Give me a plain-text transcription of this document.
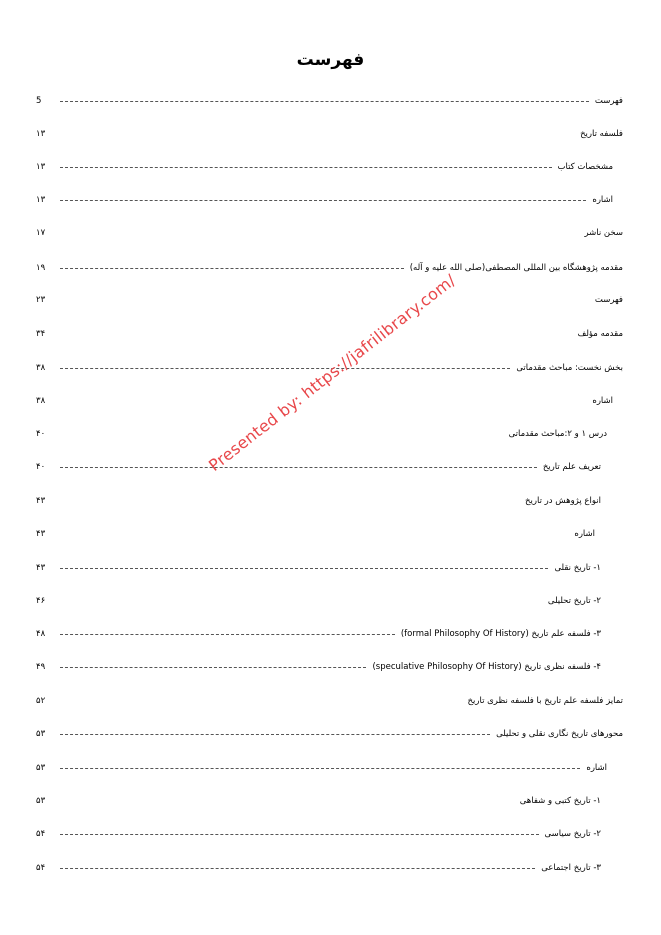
فهرست
فهرست
5
فلسفه تاریخ
۱۳
مشخصات کتاب
۱۳
اشاره
۱۳
سخن ناشر
۱۷
مقدمه پژوهشگاه بین المللی المصطفی(صلی الله علیه و آله)
۱۹
فهرست
۲۳
مقدمه مؤلف
۳۴
بخش نخست: مباحث مقدماتی
۳۸
اشاره
۳۸
درس ۱ و ۲:مباحث مقدماتی
۴۰
تعریف علم تاریخ
۴۰
انواع پژوهش در تاریخ
۴۳
اشاره
۴۳
۱- تاریخ نقلی
۴۳
۲- تاریخ تحلیلی
۴۶
۳- فلسفه علم تاریخ (formal Philosophy Of History)
۴۸
۴- فلسفه نظری تاریخ (speculative Philosophy Of History)
۴۹
تمایز فلسفه علم تاریخ با فلسفه نظری تاریخ
۵۲
محورهای تاریخ نگاری نقلی و تحلیلی
۵۳
اشاره
۵۳
۱- تاریخ کتبی و شفاهی
۵۳
۲- تاریخ سیاسی
۵۴
۳- تاریخ اجتماعی
۵۴
Presented by: https://jafrilibrary.com/
